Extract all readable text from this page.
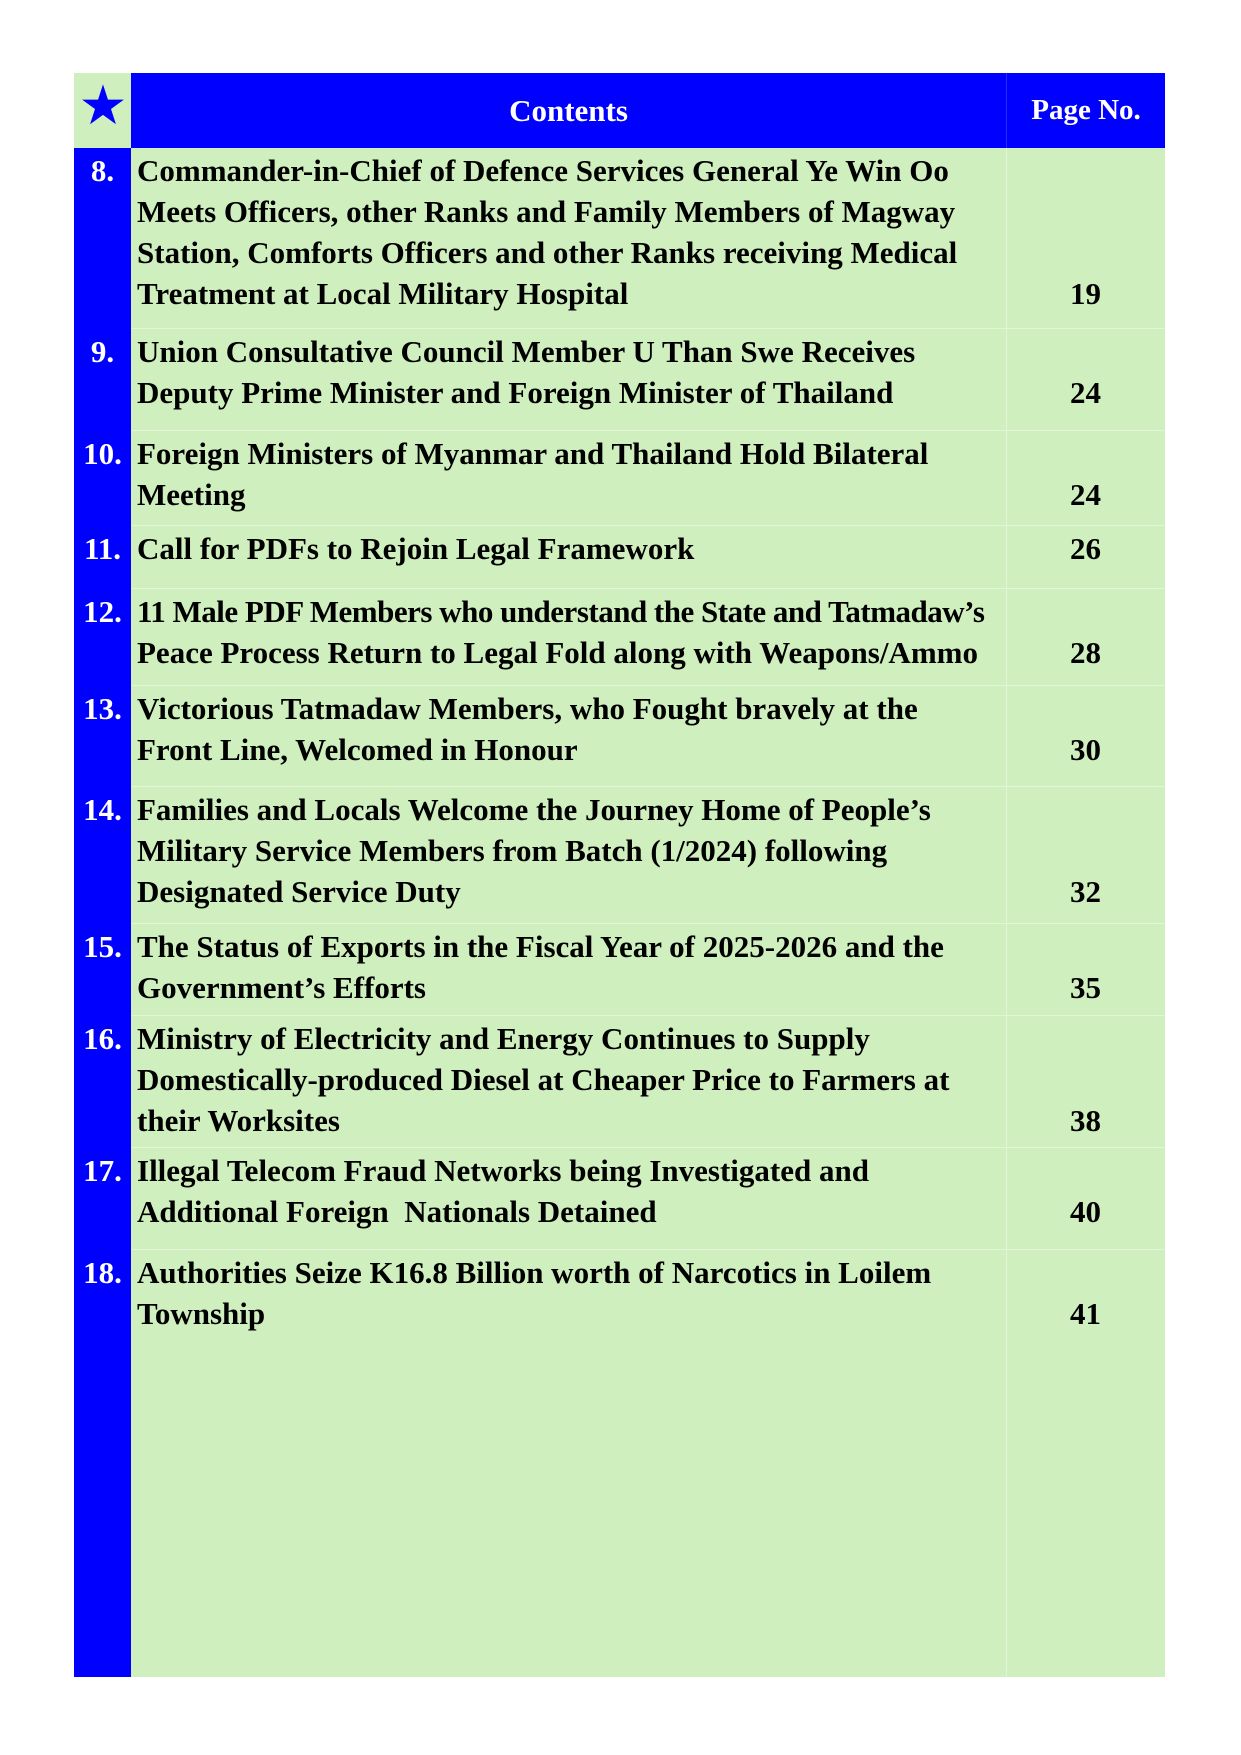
Contents	Page No.
8. Commander-in-Chief of Defence Services General Ye Win Oo
Meets Officers, other Ranks and Family Members of Magway
Station, Comforts Officers and other Ranks receiving Medical
Treatment at Local Military Hospital	19
9. Union Consultative Council Member U Than Swe Receives
Deputy Prime Minister and Foreign Minister of Thailand	24
10. Foreign Ministers of Myanmar and Thailand Hold Bilateral
Meeting	24
11. Call for PDFs to Rejoin Legal Framework	26
12. 11 Male PDF Members who understand the State and Tatmadaw’s
Peace Process Return to Legal Fold along with Weapons/Ammo	28
13. Victorious Tatmadaw Members, who Fought bravely at the
Front Line, Welcomed in Honour	30
14. Families and Locals Welcome the Journey Home of People’s
Military Service Members from Batch (1/2024) following
Designated Service Duty	32
15. The Status of Exports in the Fiscal Year of 2025-2026 and the
Government’s Efforts	35
16. Ministry of Electricity and Energy Continues to Supply
Domestically-produced Diesel at Cheaper Price to Farmers at
their Worksites	38
17. Illegal Telecom Fraud Networks being Investigated and
Additional Foreign  Nationals Detained	40
18. Authorities Seize K16.8 Billion worth of Narcotics in Loilem
Township	41
